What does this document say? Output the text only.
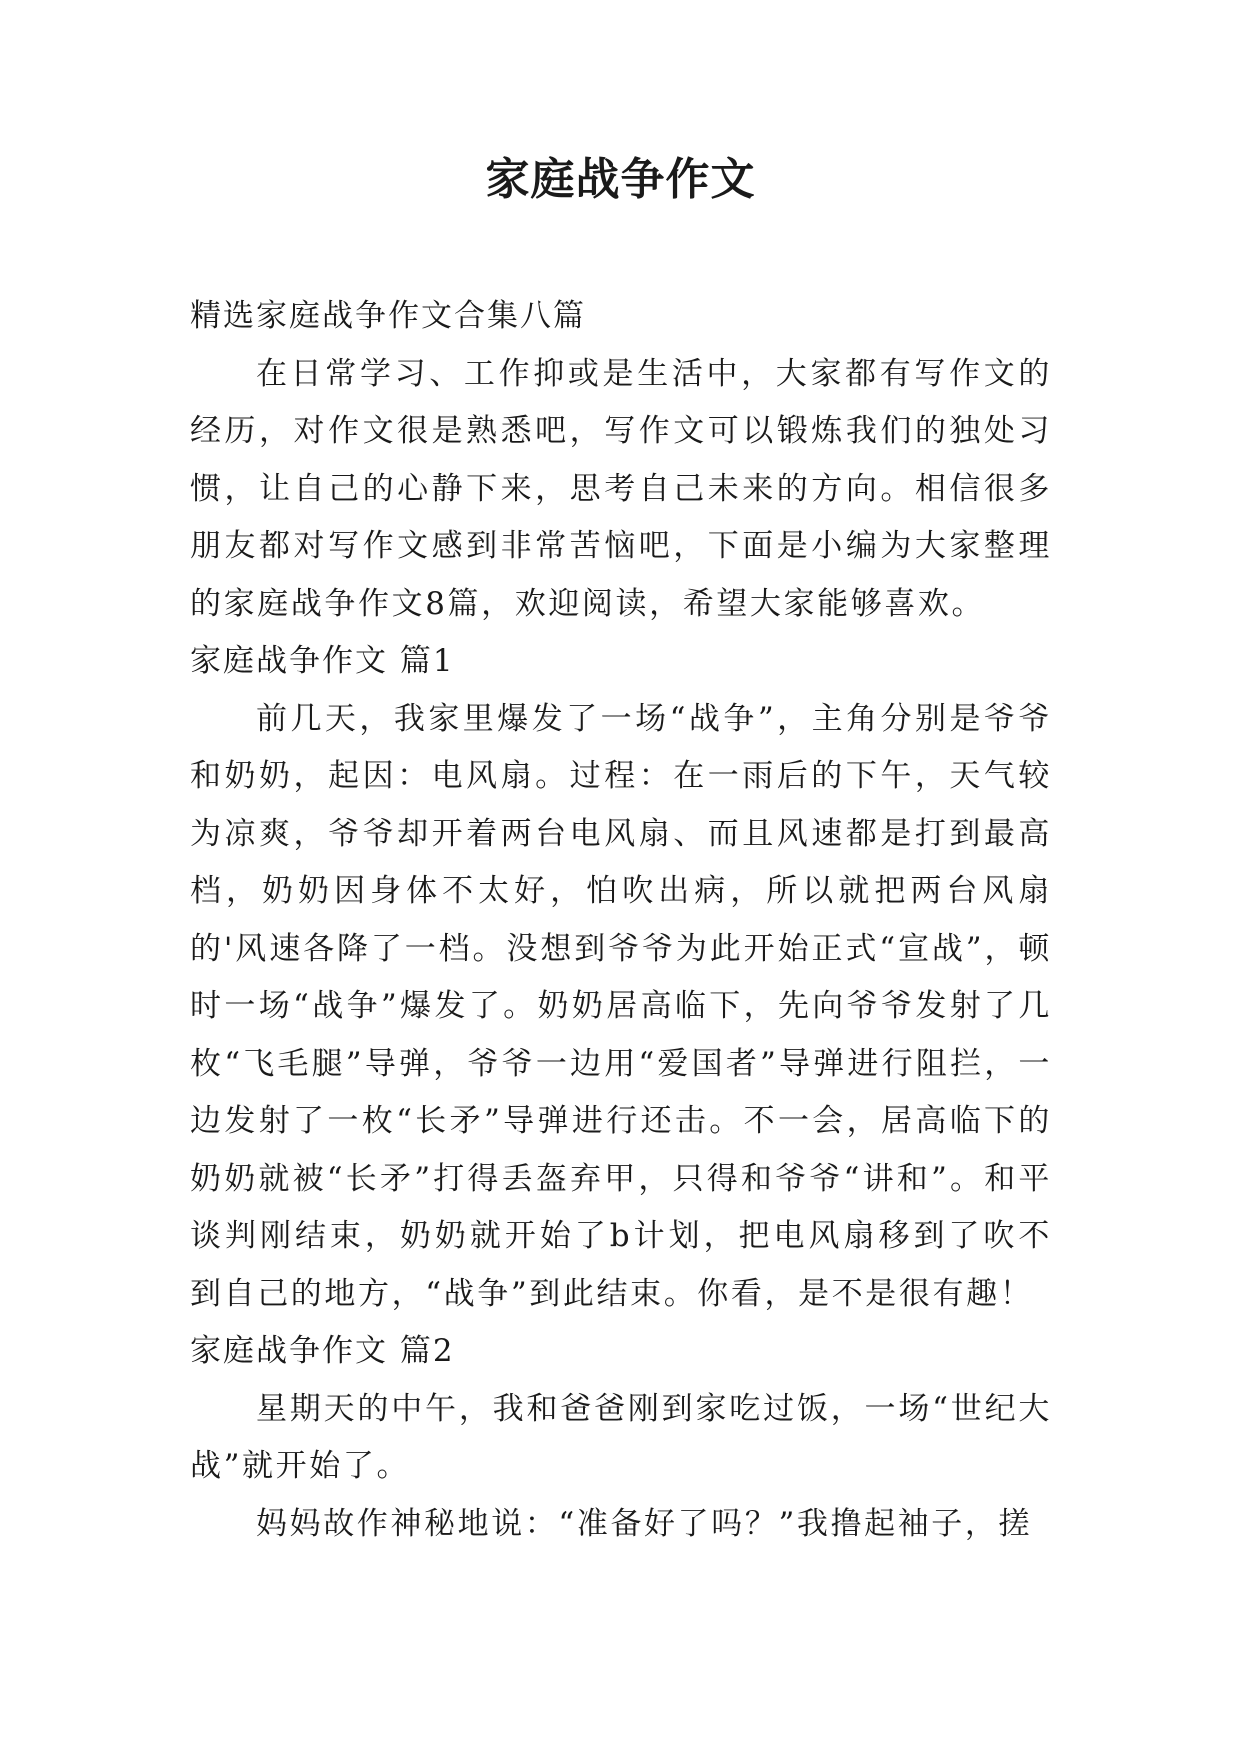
家庭战争作文

精选家庭战争作文合集八篇

在日常学习、工作抑或是生活中，大家都有写作文的经历，对作文很是熟悉吧，写作文可以锻炼我们的独处习惯，让自己的心静下来，思考自己未来的方向。相信很多朋友都对写作文感到非常苦恼吧，下面是小编为大家整理的家庭战争作文8篇，欢迎阅读，希望大家能够喜欢。

家庭战争作文 篇1

前几天，我家里爆发了一场“战争”，主角分别是爷爷和奶奶，起因：电风扇。过程：在一雨后的下午，天气较为凉爽，爷爷却开着两台电风扇、而且风速都是打到最高档，奶奶因身体不太好，怕吹出病，所以就把两台风扇的'风速各降了一档。没想到爷爷为此开始正式“宣战”，顿时一场“战争”爆发了。奶奶居高临下，先向爷爷发射了几枚“飞毛腿”导弹，爷爷一边用“爱国者”导弹进行阻拦，一边发射了一枚“长矛”导弹进行还击。不一会，居高临下的奶奶就被“长矛”打得丢盔弃甲，只得和爷爷“讲和”。和平谈判刚结束，奶奶就开始了b计划，把电风扇移到了吹不到自己的地方，“战争”到此结束。你看，是不是很有趣！

家庭战争作文 篇2

星期天的中午，我和爸爸刚到家吃过饭，一场“世纪大战”就开始了。

妈妈故作神秘地说：“准备好了吗？”我撸起袖子，搓
